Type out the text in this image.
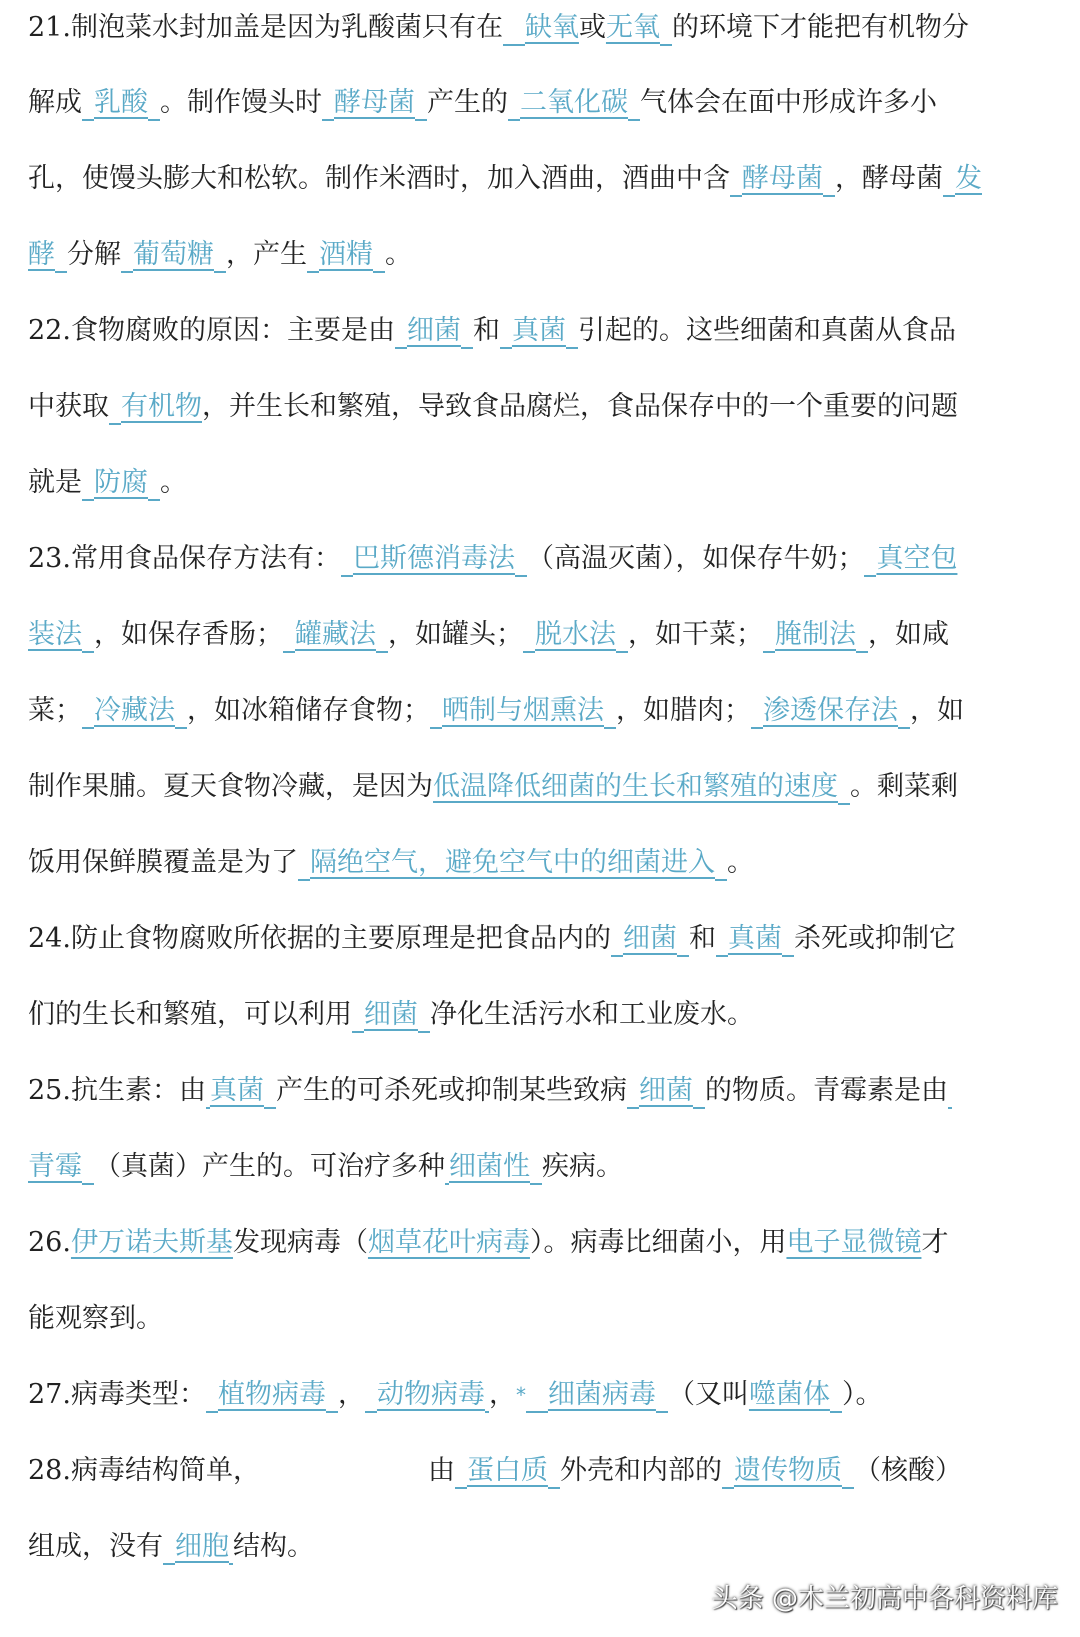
21.制泡菜水封加盖是因为乳酸菌只有在 缺氧或无氧 的环境下才能把有机物分
解成 乳酸 。制作馒头时 酵母菌 产生的 二氧化碳 气体会在面中形成许多小
孔，使馒头膨大和松软。制作米酒时，加入酒曲，酒曲中含 酵母菌 ，酵母菌 发
酵 分解 葡萄糖 ，产生 酒精 。
22.食物腐败的原因：主要是由 细菌 和 真菌 引起的。这些细菌和真菌从食品
中获取 有机物，并生长和繁殖，导致食品腐烂，食品保存中的一个重要的问题
就是 防腐 。
23.常用食品保存方法有： 巴斯德消毒法 （高温灭菌），如保存牛奶； 真空包
装法 ，如保存香肠； 罐藏法 ，如罐头； 脱水法 ，如干菜； 腌制法 ，如咸
菜； 冷藏法 ，如冰箱储存食物； 晒制与烟熏法 ，如腊肉； 渗透保存法 ，如
制作果脯。夏天食物冷藏，是因为低温降低细菌的生长和繁殖的速度 。剩菜剩
饭用保鲜膜覆盖是为了 隔绝空气，避免空气中的细菌进入 。
24.防止食物腐败所依据的主要原理是把食品内的 细菌 和 真菌 杀死或抑制它
们的生长和繁殖，可以利用 细菌 净化生活污水和工业废水。
25.抗生素：由 真菌 产生的可杀死或抑制某些致病 细菌 的物质。青霉素是由
青霉 （真菌）产生的。可治疗多种 细菌性 疾病。
26.伊万诺夫斯基发现病毒（烟草花叶病毒）。病毒比细菌小，用电子显微镜才
能观察到。
27.病毒类型： 植物病毒 ， 动物病毒 ，* 细菌病毒 （又叫噬菌体 ）。
28.病毒结构简单，	由 蛋白质 外壳和内部的 遗传物质 （核酸）
组成，没有 细胞 结构。
头条 @木兰初高中各科资料库
